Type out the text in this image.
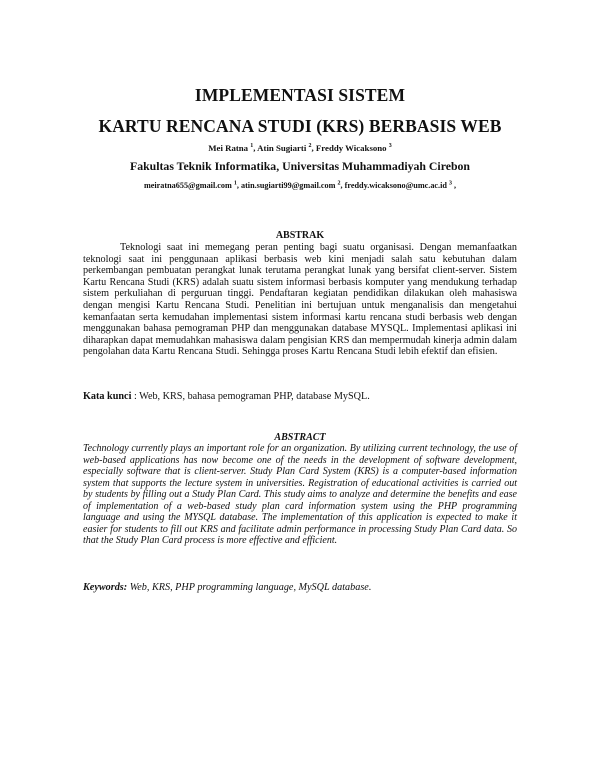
IMPLEMENTASI SISTEM
KARTU RENCANA STUDI (KRS) BERBASIS WEB
Mei Ratna $^1$, Atin Sugiarti $^2$, Freddy Wicaksono $^3$
Fakultas Teknik Informatika, Universitas Muhammadiyah Cirebon
meiratna655@gmail.com $^1$, atin.sugiarti99@gmail.com $^2$, freddy.wicaksono@umc.ac.id $^3$ ,
ABSTRAK

Teknologi saat ini memegang peran penting bagi suatu organisasi. Dengan memanfaatkan teknologi saat ini penggunaan aplikasi berbasis web kini menjadi salah satu kebutuhan dalam perkembangan pembuatan perangkat lunak terutama perangkat lunak yang bersifat client-server. Sistem Kartu Rencana Studi (KRS) adalah suatu sistem informasi berbasis komputer yang mendukung terhadap sistem perkuliahan di perguruan tinggi. Pendaftaran kegiatan pendidikan dilakukan oleh mahasiswa dengan mengisi Kartu Rencana Studi. Penelitian ini bertujuan untuk menganalisis dan mengetahui kemanfaatan serta kemudahan implementasi sistem informasi kartu rencana studi berbasis web dengan menggunakan bahasa pemograman PHP dan menggunakan database MYSQL. Implementasi aplikasi ini diharapkan dapat memudahkan mahasiswa dalam pengisian KRS dan mempermudah kinerja admin dalam pengolahan data Kartu Rencana Studi. Sehingga proses Kartu Rencana Studi lebih efektif dan efisien.

Kata kunci : Web, KRS, bahasa pemograman PHP, database MySQL.
ABSTRACT

Technology currently plays an important role for an organization. By utilizing current technology, the use of web-based applications has now become one of the needs in the development of software development, especially software that is client-server. Study Plan Card System (KRS) is a computer-based information system that supports the lecture system in universities. Registration of educational activities is carried out by students by filling out a Study Plan Card. This study aims to analyze and determine the benefits and ease of implementation of a web-based study plan card information system using the PHP programming language and using the MYSQL database. The implementation of this application is expected to make it easier for students to fill out KRS and facilitate admin performance in processing Study Plan Card data. So that the Study Plan Card process is more effective and efficient.

Keywords: Web, KRS, PHP programming language, MySQL database.
